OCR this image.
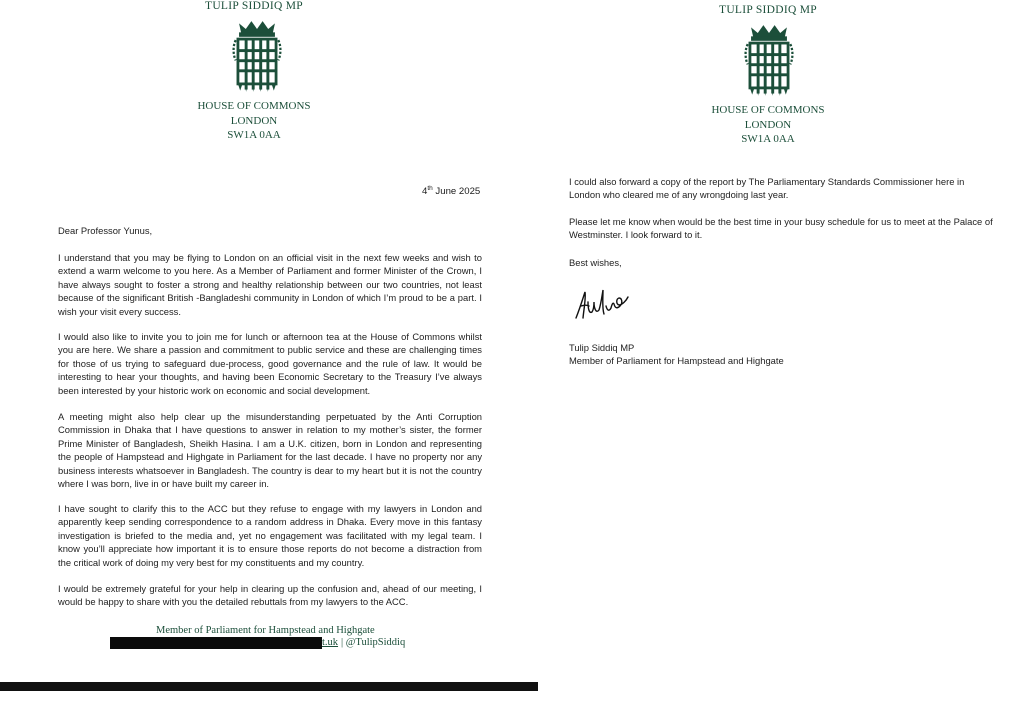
TULIP SIDDIQ MP
HOUSE OF COMMONS
LONDON
SW1A 0AA
4th June 2025
Dear Professor Yunus,
I understand that you may be flying to London on an official visit in the next few weeks and wish to extend a warm welcome to you here. As a Member of Parliament and former Minister of the Crown, I have always sought to foster a strong and healthy relationship between our two countries, not least because of the significant British -Bangladeshi community in London of which I’m proud to be a part. I wish your visit every success.
I would also like to invite you to join me for lunch or afternoon tea at the House of Commons whilst you are here. We share a passion and commitment to public service and these are challenging times for those of us trying to safeguard due-process, good governance and the rule of law. It would be interesting to hear your thoughts, and having been Economic Secretary to the Treasury I’ve always been interested by your historic work on economic and social development.
A meeting might also help clear up the misunderstanding perpetuated by the Anti Corruption Commission in Dhaka that I have questions to answer in relation to my mother’s sister, the former Prime Minister of Bangladesh, Sheikh Hasina. I am a U.K. citizen, born in London and representing the people of Hampstead and Highgate in Parliament for the last decade. I have no property nor any business interests whatsoever in Bangladesh. The country is dear to my heart but it is not the country where I was born, live in or have built my career in.
I have sought to clarify this to the ACC but they refuse to engage with my lawyers in London and apparently keep sending correspondence to a random address in Dhaka. Every move in this fantasy investigation is briefed to the media and, yet no engagement was facilitated with my legal team. I know you’ll appreciate how important it is to ensure those reports do not become a distraction from the critical work of doing my very best for my constituents and my country.
I would be extremely grateful for your help in clearing up the confusion and, ahead of our meeting, I would be happy to share with you the detailed rebuttals from my lawyers to the ACC.
Member of Parliament for Hampstead and Highgate
t.uk | @TulipSiddiq
TULIP SIDDIQ MP
HOUSE OF COMMONS
LONDON
SW1A 0AA
I could also forward a copy of the report by The Parliamentary Standards Commissioner here in London who cleared me of any wrongdoing last year.
Please let me know when would be the best time in your busy schedule for us to meet at the Palace of Westminster. I look forward to it.
Best wishes,
Tulip Siddiq MP
Member of Parliament for Hampstead and Highgate
